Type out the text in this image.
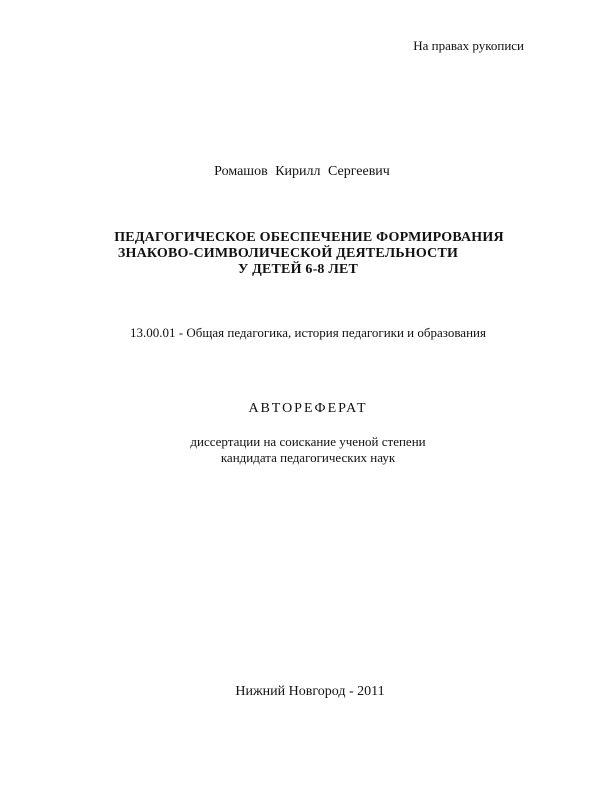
На правах рукописи
Ромашов Кирилл Сергеевич
ПЕДАГОГИЧЕСКОЕ ОБЕСПЕЧЕНИЕ ФОРМИРОВАНИЯ
ЗНАКОВО-СИМВОЛИЧЕСКОЙ ДЕЯТЕЛЬНОСТИ
У ДЕТЕЙ 6-8 ЛЕТ
13.00.01 - Общая педагогика, история педагогики и образования
АВТОРЕФЕРАТ
диссертации на соискание ученой степени
кандидата педагогических наук
Нижний Новгород - 2011
